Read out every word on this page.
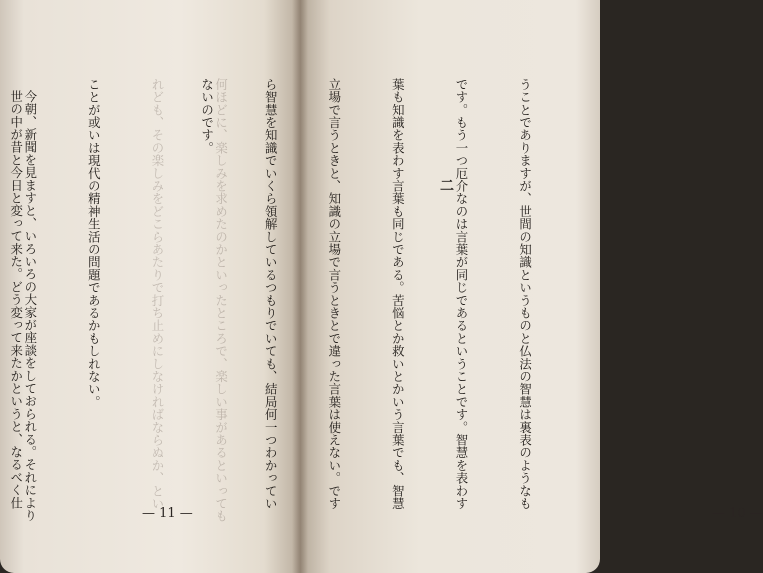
何ほどに、楽しみを求めたのかといったところで、楽しい事があるといっても

れども、その楽しみをどこらあたりで打ち止めにしなければならぬか、とい

ことが或いは現代の精神生活の問題であるかもしれない。

今朝、新聞を見ますと、いろいろの大家が座談をしておられる。それにより

	— 11 —

うことでありますが、世間の知識というものと仏法の智慧は裏表のようなも

です。もう一つ厄介なのは言葉が同じであるということです。智慧を表わす

葉も知識を表わす言葉も同じである。苦悩とか救いとかいう言葉でも、智慧

立場で言うときと、知識の立場で言うときとで違った言葉は使えない。です

ら智慧を知識でいくら領解しているつもりでいても、結局何一つわかってい

ないのです。

世の中が昔と今日と変って来た。どう変って来たかというと、なるべく仕

	二
— 10 —
